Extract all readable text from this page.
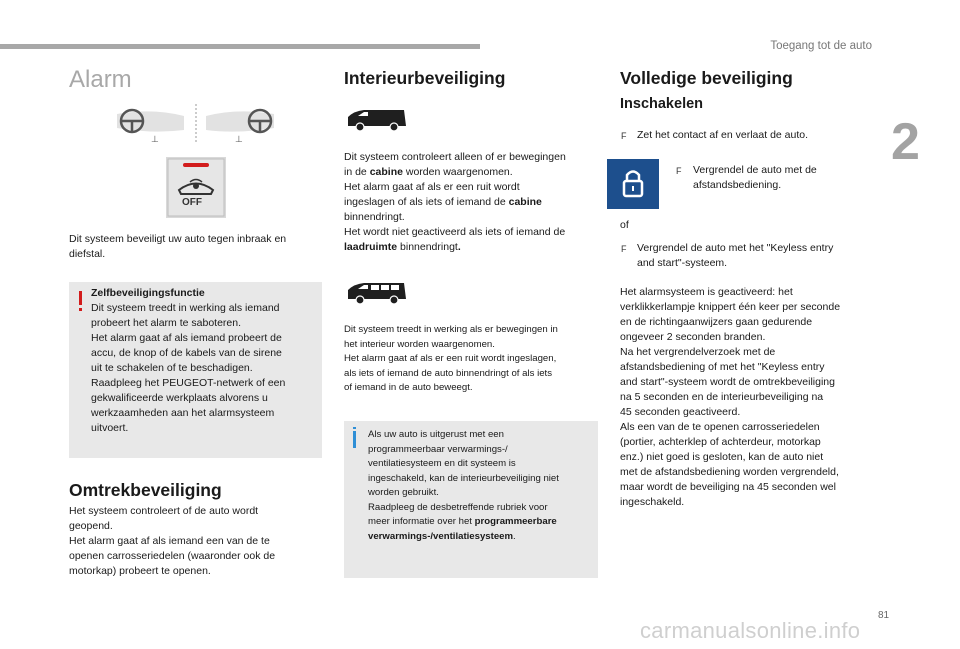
Toegang tot de auto
2
Alarm
⊥	⊥
OFF
Dit systeem beveiligt uw auto tegen inbraak en diefstal.
Zelfbeveiligingsfunctie
Dit systeem treedt in werking als iemand
probeert het alarm te saboteren.
Het alarm gaat af als iemand probeert de
accu, de knop of de kabels van de sirene
uit te schakelen of te beschadigen.
Raadpleeg het PEUGEOT-netwerk of een
gekwalificeerde werkplaats alvorens u
werkzaamheden aan het alarmsysteem
uitvoert.
Omtrekbeveiliging
Het systeem controleert of de auto wordt
geopend.
Het alarm gaat af als iemand een van de te
openen carrosseriedelen (waaronder ook de
motorkap) probeert te openen.
Interieurbeveiliging
Dit systeem controleert alleen of er bewegingen
in de cabine worden waargenomen.
Het alarm gaat af als er een ruit wordt
ingeslagen of als iets of iemand de cabine
binnendringt.
Het wordt niet geactiveerd als iets of iemand de
laadruimte binnendringt.
Dit systeem treedt in werking als er bewegingen in
het interieur worden waargenomen.
Het alarm gaat af als er een ruit wordt ingeslagen,
als iets of iemand de auto binnendringt of als iets
of iemand in de auto beweegt.
Als uw auto is uitgerust met een
programmeerbaar verwarmings-/
ventilatiesysteem en dit systeem is
ingeschakeld, kan de interieurbeveiliging niet
worden gebruikt.
Raadpleeg de desbetreffende rubriek voor
meer informatie over het programmeerbare
verwarmings-/ventilatiesysteem.
Volledige beveiliging
Inschakelen
F Zet het contact af en verlaat de auto.
F Vergrendel de auto met de
afstandsbediening.
of
F Vergrendel de auto met het "Keyless entry
and start"-systeem.
Het alarmsysteem is geactiveerd: het
verklikkerlampje knippert één keer per seconde
en de richtingaanwijzers gaan gedurende
ongeveer 2 seconden branden.
Na het vergrendelverzoek met de
afstandsbediening of met het "Keyless entry
and start"-systeem wordt de omtrekbeveiliging
na 5 seconden en de interieurbeveiliging na
45 seconden geactiveerd.
Als een van de te openen carrosseriedelen
(portier, achterklep of achterdeur, motorkap
enz.) niet goed is gesloten, kan de auto niet
met de afstandsbediening worden vergrendeld,
maar wordt de beveiliging na 45 seconden wel
ingeschakeld.
81
carmanualsonline.info
